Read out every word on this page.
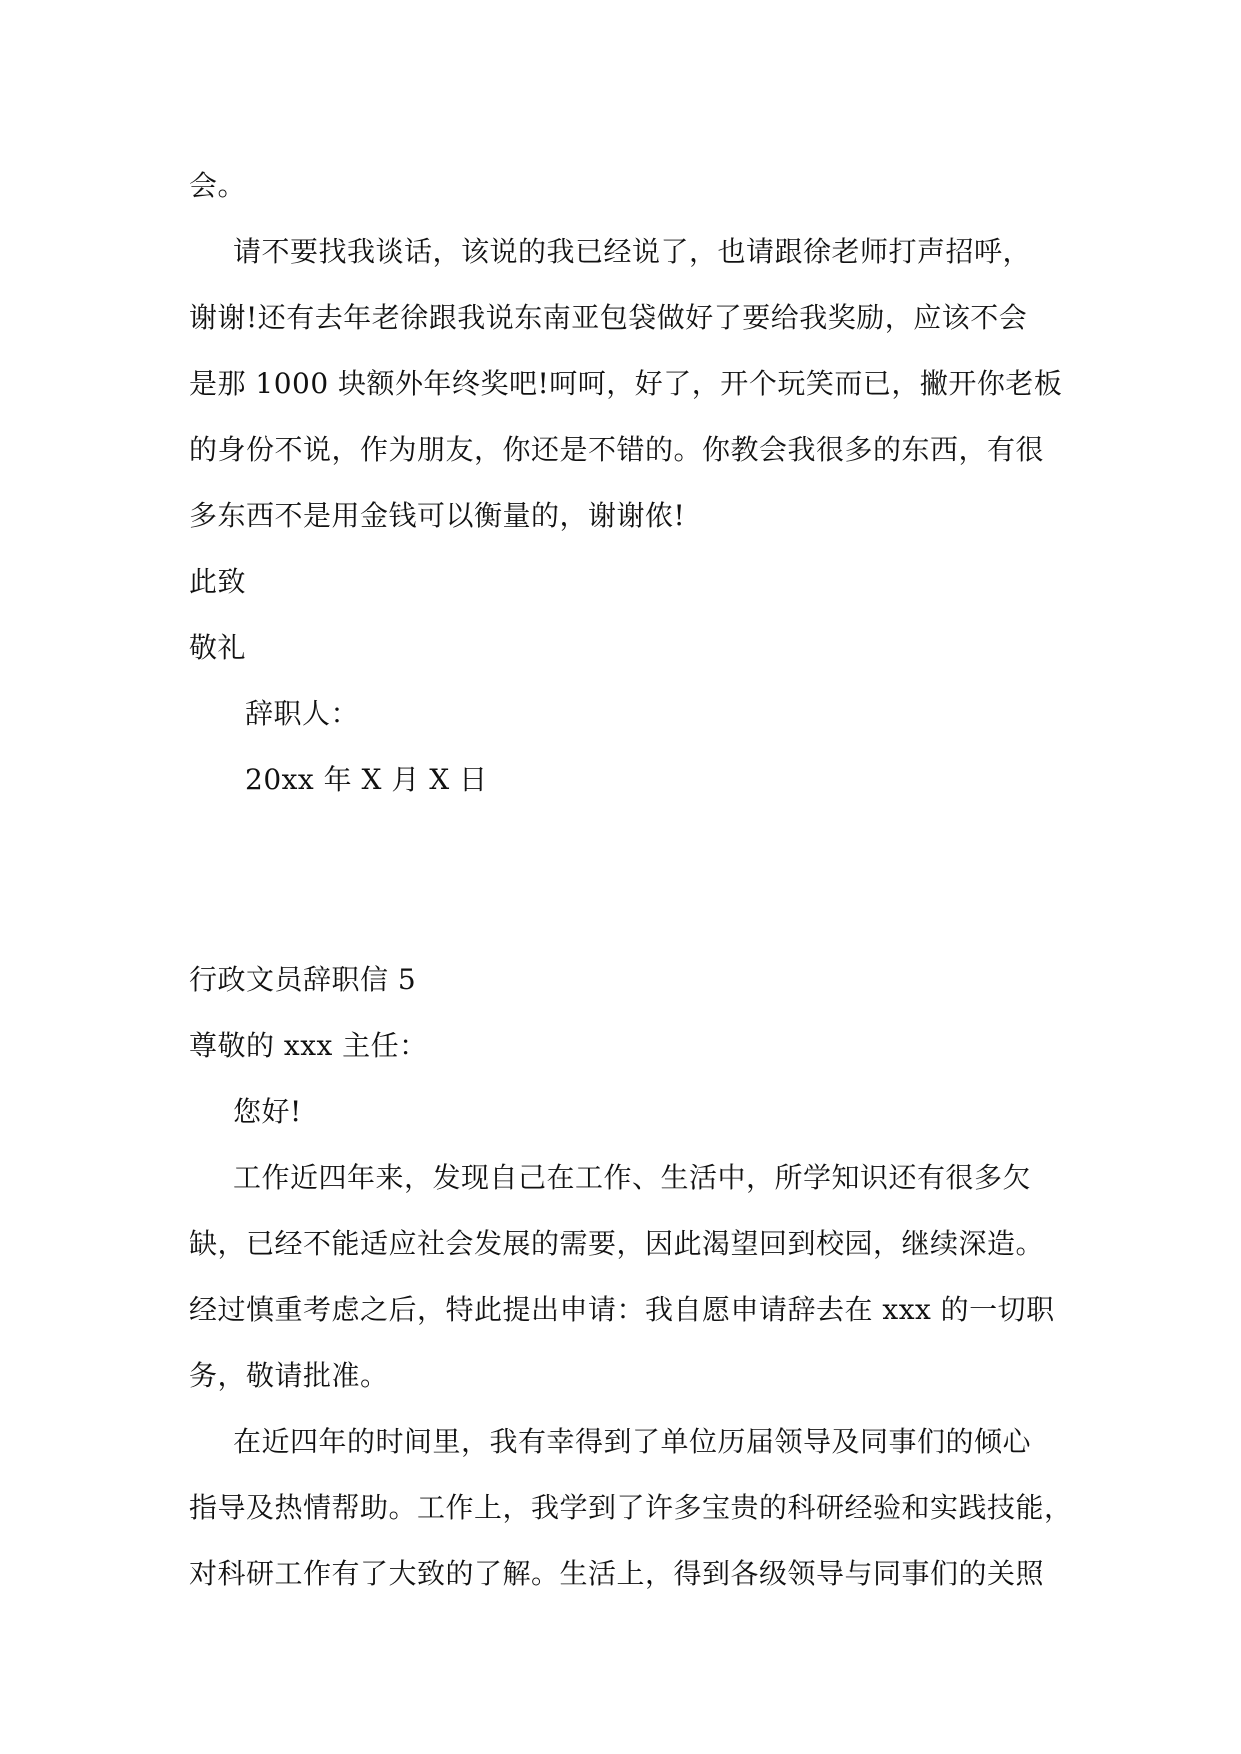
会。
请不要找我谈话，该说的我已经说了，也请跟徐老师打声招呼，
谢谢!还有去年老徐跟我说东南亚包袋做好了要给我奖励，应该不会
是那 1000 块额外年终奖吧!呵呵，好了，开个玩笑而已，撇开你老板
的身份不说，作为朋友，你还是不错的。你教会我很多的东西，有很
多东西不是用金钱可以衡量的，谢谢侬!
此致
敬礼
辞职人：
20xx 年 X 月 X 日
行政文员辞职信 5
尊敬的 xxx 主任：
您好!
工作近四年来，发现自己在工作、生活中，所学知识还有很多欠
缺，已经不能适应社会发展的需要，因此渴望回到校园，继续深造。
经过慎重考虑之后，特此提出申请：我自愿申请辞去在 xxx 的一切职
务，敬请批准。
在近四年的时间里，我有幸得到了单位历届领导及同事们的倾心
指导及热情帮助。工作上，我学到了许多宝贵的科研经验和实践技能，
对科研工作有了大致的了解。生活上，得到各级领导与同事们的关照
